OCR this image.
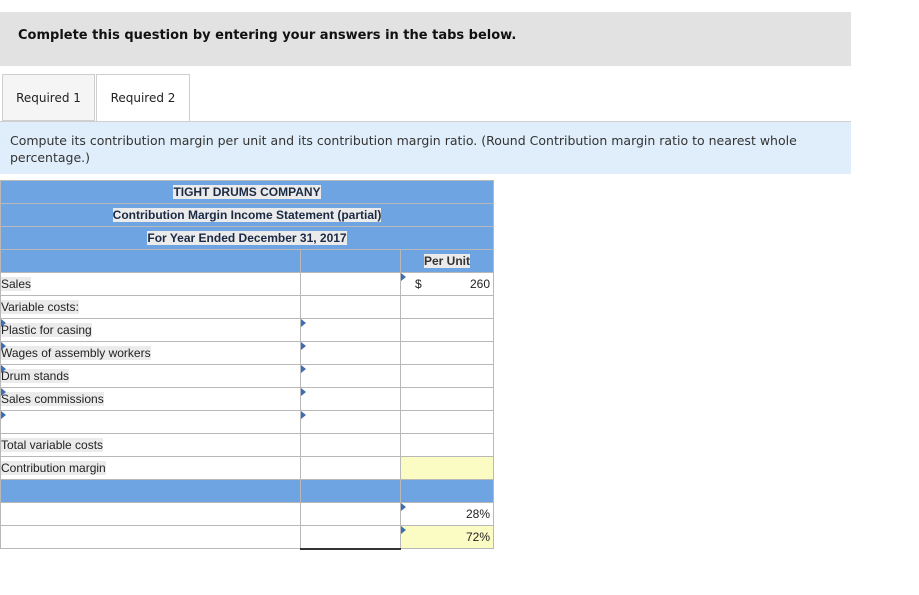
Complete this question by entering your answers in the tabs below.
Required 1	Required 2
Compute its contribution margin per unit and its contribution margin ratio. (Round Contribution margin ratio to nearest whole percentage.)
TIGHT DRUMS COMPANY		
Contribution Margin Income Statement (partial)		
For Year Ended December 31, 2017		
		Per Unit
Sales		$ 260

Variable costs:		

Plastic for casing	

Wages of assembly workers	

Drum stands	

Sales commissions	

Total variable costs		
Contribution margin		

		28%

		72%
